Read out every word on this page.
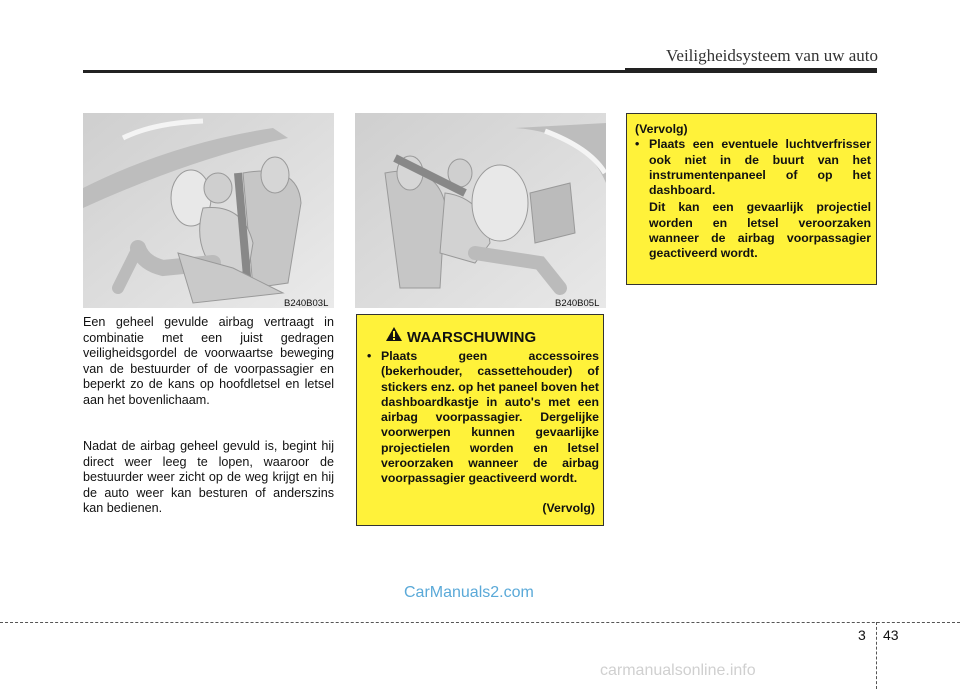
Veiligheidsysteem van uw auto
B240B03L	B240B05L

Een geheel gevulde airbag vertraagt in combinatie met een juist gedragen veiligheidsgordel de voorwaartse beweging van de bestuurder of de voorpassagier en beperkt zo de kans op hoofdletsel en letsel aan het bovenlichaam.

Nadat de airbag geheel gevuld is, begint hij direct weer leeg te lopen, waaroor de bestuurder weer zicht op de weg krijgt en hij de auto weer kan besturen of anderszins kan bedienen.

WAARSCHUWING
• Plaats geen accessoires (bekerhouder, cassettehouder) of stickers enz. op het paneel boven het dashboardkastje in auto's met een airbag voorpassagier. Dergelijke voorwerpen kunnen gevaarlijke projectielen worden en letsel veroorzaken wanneer de airbag voorpassagier geactiveerd wordt.
(Vervolg)
(Vervolg)
• Plaats een eventuele luchtverfrisser ook niet in de buurt van het instrumentenpaneel of op het dashboard.
Dit kan een gevaarlijk projectiel worden en letsel veroorzaken wanneer de airbag voorpassagier geactiveerd wordt.
CarManuals2.com
3 43
carmanualsonline.info
